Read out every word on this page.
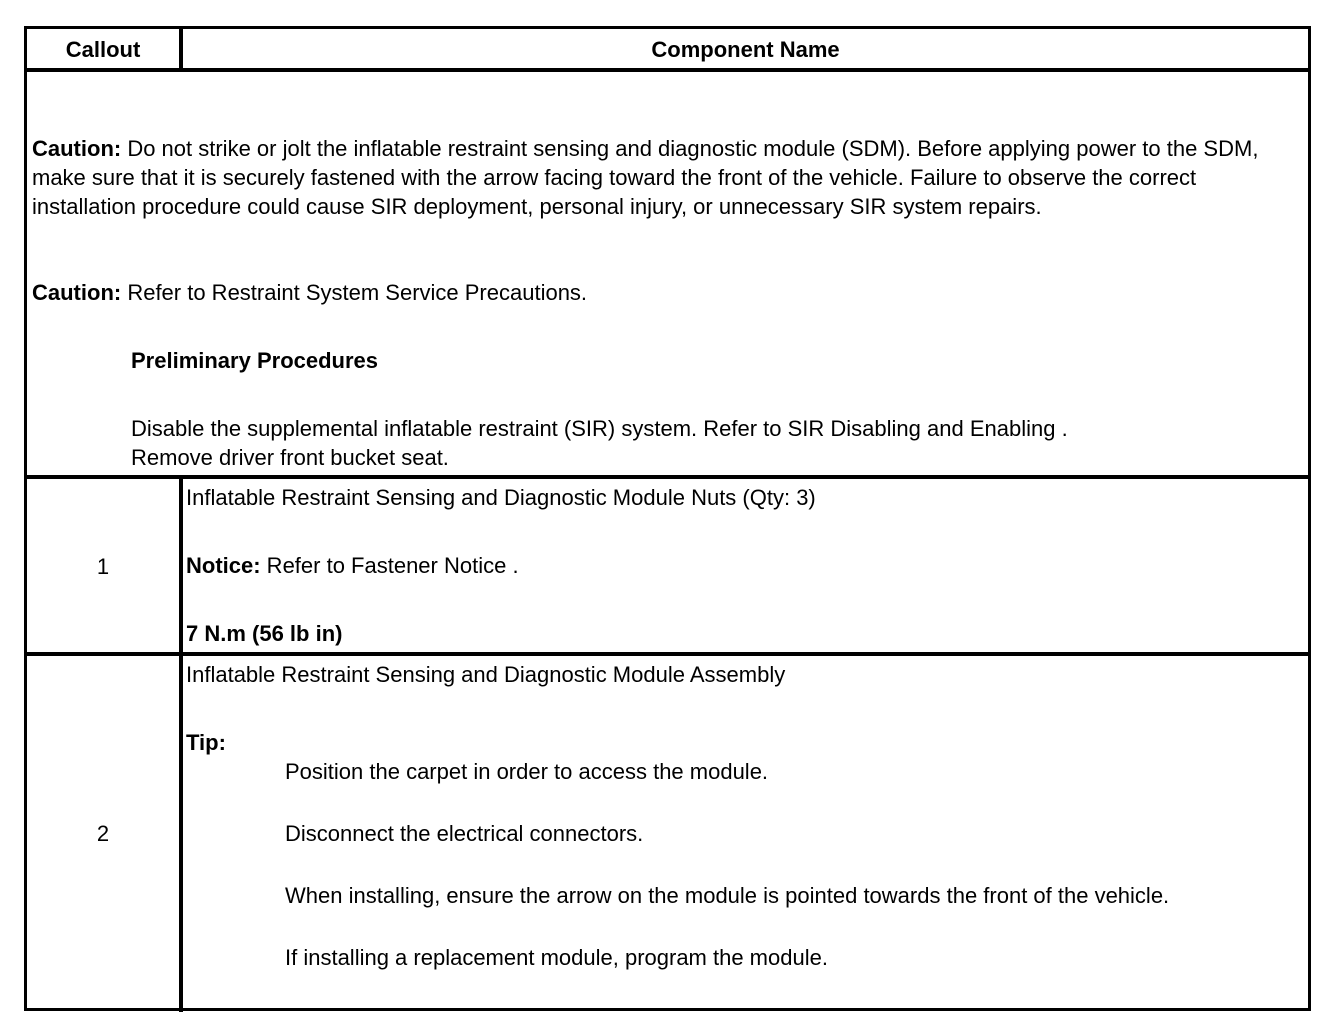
Callout	Component Name
Caution: Do not strike or jolt the inflatable restraint sensing and diagnostic module (SDM). Before applying power to the SDM, make sure that it is securely fastened with the arrow facing toward the front of the vehicle. Failure to observe the correct installation procedure could cause SIR deployment, personal injury, or unnecessary SIR system repairs.
Caution: Refer to Restraint System Service Precautions.
Preliminary Procedures
Disable the supplemental inflatable restraint (SIR) system. Refer to SIR Disabling and Enabling .
Remove driver front bucket seat.
1
Inflatable Restraint Sensing and Diagnostic Module Nuts (Qty: 3)
Notice: Refer to Fastener Notice .
7 N.m (56 lb in)
2
Inflatable Restraint Sensing and Diagnostic Module Assembly
Tip:
Position the carpet in order to access the module.
Disconnect the electrical connectors.
When installing, ensure the arrow on the module is pointed towards the front of the vehicle.
If installing a replacement module, program the module.
